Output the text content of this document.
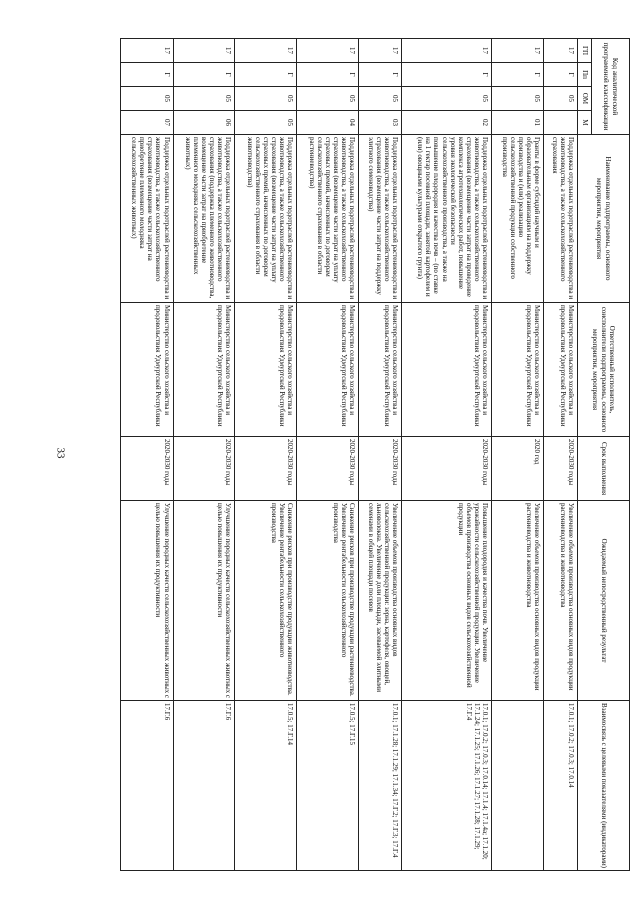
33
Код аналитической программной классификации				Наименование подпрограммы, основного мероприятия, мероприятия	Ответственный исполнитель, соисполнители подпрограммы, основного мероприятия, мероприятия	Срок выполнения	Ожидаемый непосредственный результат	Взаимосвязь с целевыми показателями (индикаторами)
ГП	Пп	ОМ	М					
17	Г	05		Поддержка отдельных подотраслей растениеводства и животноводства, а также сельскохозяйственного страхования	Министерство сельского хозяйства и продовольствия Удмуртской Республики	2020-2030 годы	Увеличение объемов производства основных видов продукции растениеводства и животноводства	17.0.1; 17.0.2; 17.0.3; 17.0.14
17	Г	05	01	Гранты в форме субсидий научным и образовательным организациям на поддержку производства и (или) реализацию сельскохозяйственной продукции собственного производства	Министерство сельского хозяйства и продовольствия Удмуртской Республики	2020 год	Увеличение объемов производства основных видов продукции растениеводства и животноводства	
17	Г	05	02	Поддержка отдельных подотраслей растениеводства и животноводства, а также сельскохозяйственного страхования (возмещение части затрат на проведение комплекса агротехнологических работ, повышение уровня экологической безопасности сельскохозяйственного производства, а также на повышение плодородия и качества почв – (по ставке на 1 гектар посевной площади, занятой картофелем и (или) овощными культурами открытого грунта)	Министерство сельского хозяйства и продовольствия Удмуртской Республики	2020-2030 годы	Повышение плодородия и качества почв. Увеличение урожайности сельскохозяйственной продукции. Увеличение объемов производства основных видов сельскохозяйственной продукции	17.0.1; 17.0.2; 17.0.3; 17.0.14; 17.1.4; 17.1.4a; 17.1.20; 17.1.24; 17.1.25; 17.1.26; 17.1.27; 17.1.28; 17.1.29; 17.Г.4
17	Г	05	03	Поддержка отдельных подотраслей растениеводства и животноводства, а также сельскохозяйственного страхования (возмещение части затрат на поддержку элитного семеноводства)	Министерство сельского хозяйства и продовольствия Удмуртской Республики	2020-2030 годы	Увеличение объемов производства основных видов сельскохозяйственной продукции: зерна, картофеля, овощей, льноволокна. Увеличение доли площади, засеваемой элитными семенами в общей площади посевов	17.0.1; 17.1.28; 17.1.29; 17.1.34; 17.Г.2; 17.Г.3; 17.Г.4
17	Г	05	04	Поддержка отдельных подотраслей растениеводства и животноводства, а также сельскохозяйственного страхования (возмещение части затрат на уплату страховых премий, начисленных по договорам сельскохозяйственного страхования в области растениеводства)	Министерство сельского хозяйства и продовольствия Удмуртской Республики	2020-2030 годы	Снижение рисков при производстве продукции растениеводства. Увеличение рентабельности сельскохозяйственного производства	17.0.5; 17.Г.15
17	Г	05	05	Поддержка отдельных подотраслей растениеводства и животноводства, а также сельскохозяйственного страхования (возмещение части затрат на уплату страховых премий, начисленных по договорам сельскохозяйственного страхования в области животноводства)	Министерство сельского хозяйства и продовольствия Удмуртской Республики	2020-2030 годы	Снижение рисков при производстве продукции животноводства. Увеличение рентабельности сельскохозяйственного производства	17.0.5; 17.Г.14
17	Г	05	06	Поддержка отдельных подотраслей растениеводства и животноводства, а также сельскохозяйственного страхования (поддержка племенного животноводства, возмещение части затрат на приобретение племенного молодняка сельскохозяйственных животных)	Министерство сельского хозяйства и продовольствия Удмуртской Республики	2020-2030 годы	Улучшение породных качеств сельскохозяйственных животных с целью повышения их продуктивности	17.Г.6
17	Г	05	07	Поддержка отдельных подотраслей растениеводства и животноводства, а также сельскохозяйственного страхования (возмещение части затрат на приобретение племенного молодняка сельскохозяйственных животных)	Министерство сельского хозяйства и продовольствия Удмуртской Республики	2020-2030 годы	Улучшение породных качеств сельскохозяйственных животных с целью повышения их продуктивности	17.Г.6
